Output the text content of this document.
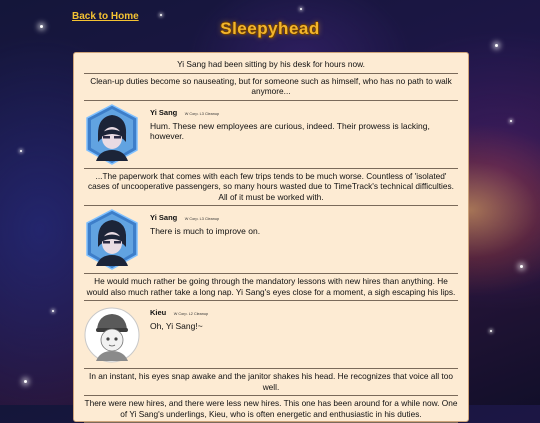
Back to Home
Sleepyhead

Yi Sang had been sitting by his desk for hours now.

Clean-up duties become so nauseating, but for someone such as himself, who has no path to walk anymore...

Yi Sang W Corp. L3 Cleanup
Hum. These new employees are curious, indeed. Their prowess is lacking, however.

...The paperwork that comes with each few trips tends to be much worse. Countless of 'isolated' cases of uncooperative passengers, so many hours wasted due to TimeTrack's technical difficulties. All of it must be worked with.

Yi Sang W Corp. L3 Cleanup
There is much to improve on.

He would much rather be going through the mandatory lessons with new hires than anything. He would also much rather take a long nap. Yi Sang's eyes close for a moment, a sigh escaping his lips.

Kieu W Corp. L2 Cleanup
Oh, Yi Sang!~

In an instant, his eyes snap awake and the janitor shakes his head. He recognizes that voice all too well.

There were new hires, and there were less new hires. This one has been around for a while now. One of Yi Sang's underlings, Kieu, who is often energetic and enthusiastic in his duties.
